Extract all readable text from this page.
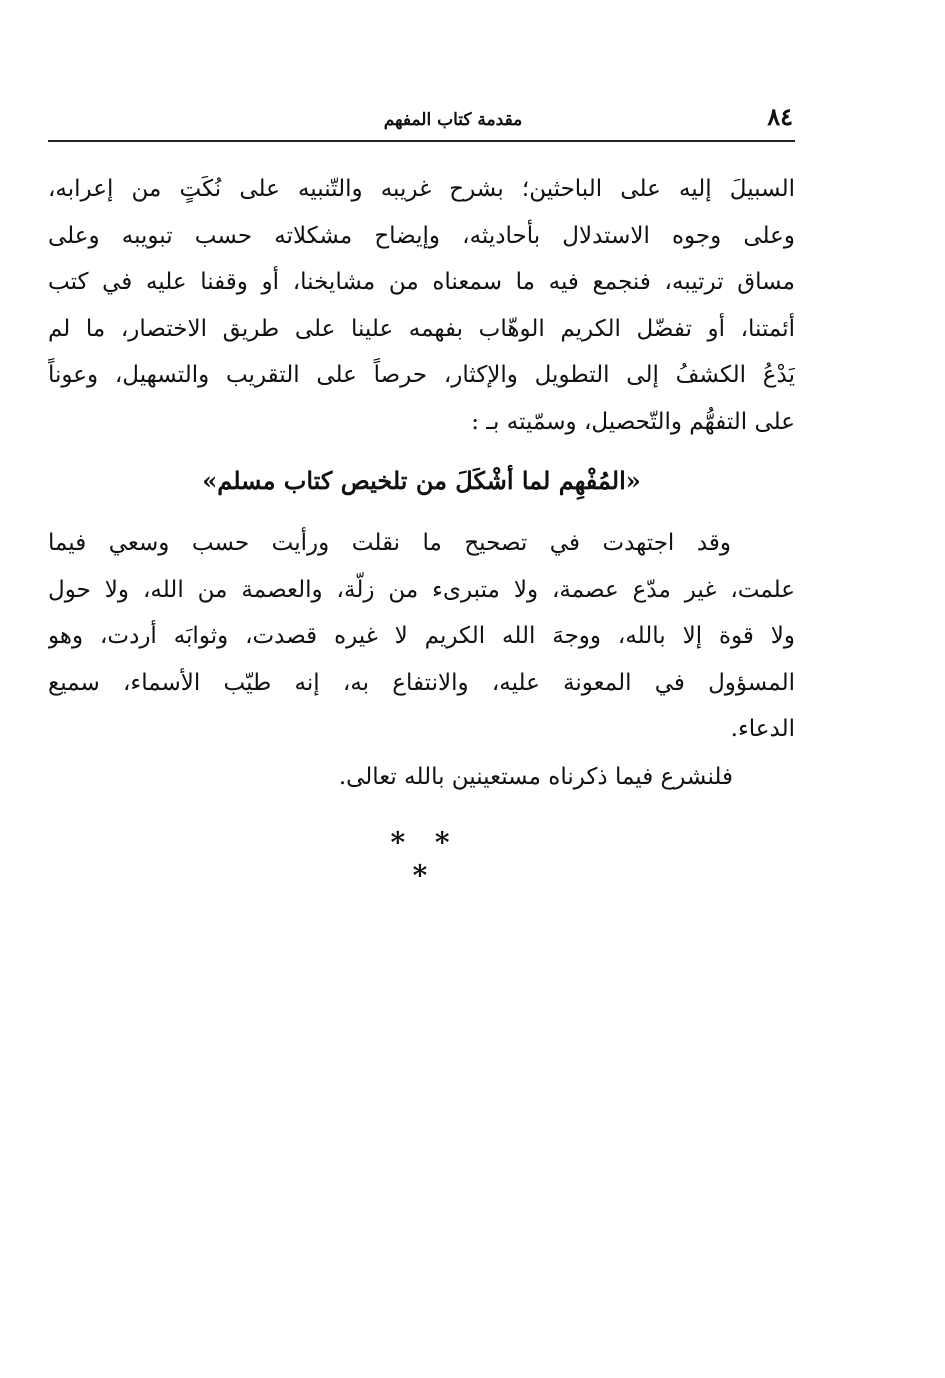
٨٤
مقدمة كتاب المفهم
السبيلَ إليه على الباحثين؛ بشرح غريبه والتّنبيه على نُكَتٍ من إعرابه،
وعلى وجوه الاستدلال بأحاديثه، وإيضاح مشكلاته حسب تبويبه وعلى
مساق ترتيبه، فنجمع فيه ما سمعناه من مشايخنا، أو وقفنا عليه في كتب
أئمتنا، أو تفضّل الكريم الوهّاب بفهمه علينا على طريق الاختصار، ما لم
يَدْعُ الكشفُ إلى التطويل والإكثار، حرصاً على التقريب والتسهيل، وعوناً
على التفهُّم والتّحصيل، وسمّيته بـ :
«المُفْهِم لما أشْكَلَ من تلخيص كتاب مسلم»
وقد اجتهدت في تصحيح ما نقلت ورأيت حسب وسعي فيما
علمت، غير مدّع عصمة، ولا متبرىء من زلّة، والعصمة من الله، ولا حول
ولا قوة إلا بالله، ووجهَ الله الكريم لا غيره قصدت، وثوابَه أردت، وهو
المسؤول في المعونة عليه، والانتفاع به، إنه طيّب الأسماء، سميع
الدعاء.
فلنشرع فيما ذكرناه مستعينين بالله تعالى.
* * *
